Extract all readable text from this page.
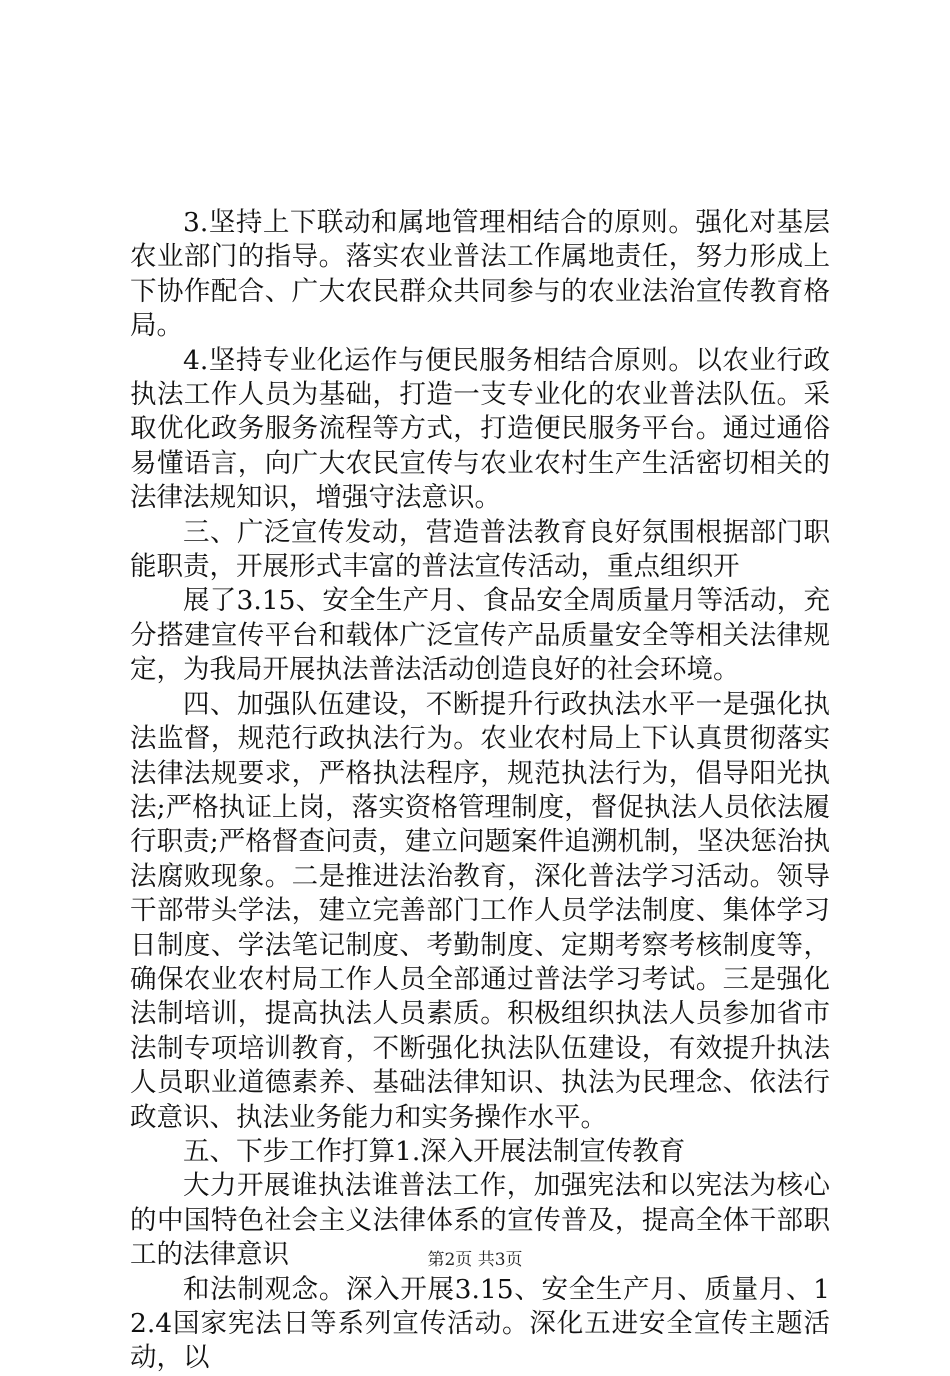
3.坚持上下联动和属地管理相结合的原则。强化对基层农业部门的指导。落实农业普法工作属地责任，努力形成上下协作配合、广大农民群众共同参与的农业法治宣传教育格局。

4.坚持专业化运作与便民服务相结合原则。以农业行政执法工作人员为基础，打造一支专业化的农业普法队伍。采取优化政务服务流程等方式，打造便民服务平台。通过通俗易懂语言，向广大农民宣传与农业农村生产生活密切相关的法律法规知识，增强守法意识。

三、广泛宣传发动，营造普法教育良好氛围根据部门职能职责，开展形式丰富的普法宣传活动，重点组织开

展了3.15、安全生产月、食品安全周质量月等活动，充分搭建宣传平台和载体广泛宣传产品质量安全等相关法律规定，为我局开展执法普法活动创造良好的社会环境。

四、加强队伍建设，不断提升行政执法水平一是强化执法监督，规范行政执法行为。农业农村局上下认真贯彻落实法律法规要求，严格执法程序，规范执法行为，倡导阳光执法;严格执证上岗，落实资格管理制度，督促执法人员依法履行职责;严格督查问责，建立问题案件追溯机制，坚决惩治执法腐败现象。二是推进法治教育，深化普法学习活动。领导干部带头学法，建立完善部门工作人员学法制度、集体学习日制度、学法笔记制度、考勤制度、定期考察考核制度等，确保农业农村局工作人员全部通过普法学习考试。三是强化法制培训，提高执法人员素质。积极组织执法人员参加省市法制专项培训教育，不断强化执法队伍建设，有效提升执法人员职业道德素养、基础法律知识、执法为民理念、依法行政意识、执法业务能力和实务操作水平。

五、下步工作打算1.深入开展法制宣传教育

大力开展谁执法谁普法工作，加强宪法和以宪法为核心的中国特色社会主义法律体系的宣传普及，提高全体干部职工的法律意识

和法制观念。深入开展3.15、安全生产月、质量月、12.4国家宪法日等系列宣传活动。深化五进安全宣传主题活动，以

第2页 共3页
